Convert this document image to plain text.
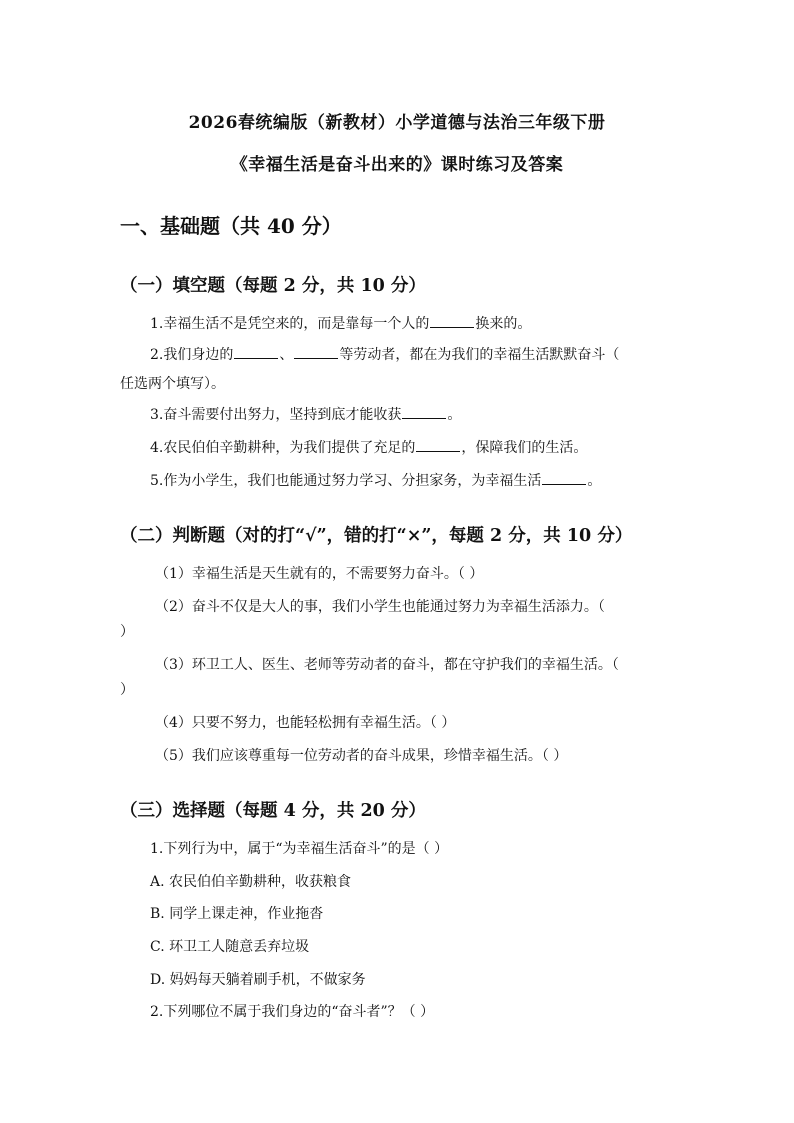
2026春统编版（新教材）小学道德与法治三年级下册
《幸福生活是奋斗出来的》课时练习及答案
一、基础题（共 40 分）
（一）填空题（每题 2 分，共 10 分）
1.幸福生活不是凭空来的，而是靠每一个人的	换来的。
2.我们身边的	、	等劳动者，都在为我们的幸福生活默默奋斗（
任选两个填写）。
3.奋斗需要付出努力，坚持到底才能收获	。
4.农民伯伯辛勤耕种，为我们提供了充足的	，保障我们的生活。
5.作为小学生，我们也能通过努力学习、分担家务，为幸福生活	。
（二）判断题（对的打“√”，错的打“×”，每题 2 分，共 10 分）
（1）幸福生活是天生就有的，不需要努力奋斗。（ ）
（2）奋斗不仅是大人的事，我们小学生也能通过努力为幸福生活添力。（
）
（3）环卫工人、医生、老师等劳动者的奋斗，都在守护我们的幸福生活。（
）
（4）只要不努力，也能轻松拥有幸福生活。（ ）
（5）我们应该尊重每一位劳动者的奋斗成果，珍惜幸福生活。（ ）
（三）选择题（每题 4 分，共 20 分）
1.下列行为中，属于“为幸福生活奋斗”的是（ ）
A. 农民伯伯辛勤耕种，收获粮食
B. 同学上课走神，作业拖沓
C. 环卫工人随意丢弃垃圾
D. 妈妈每天躺着刷手机，不做家务
2.下列哪位不属于我们身边的“奋斗者”？（ ）
